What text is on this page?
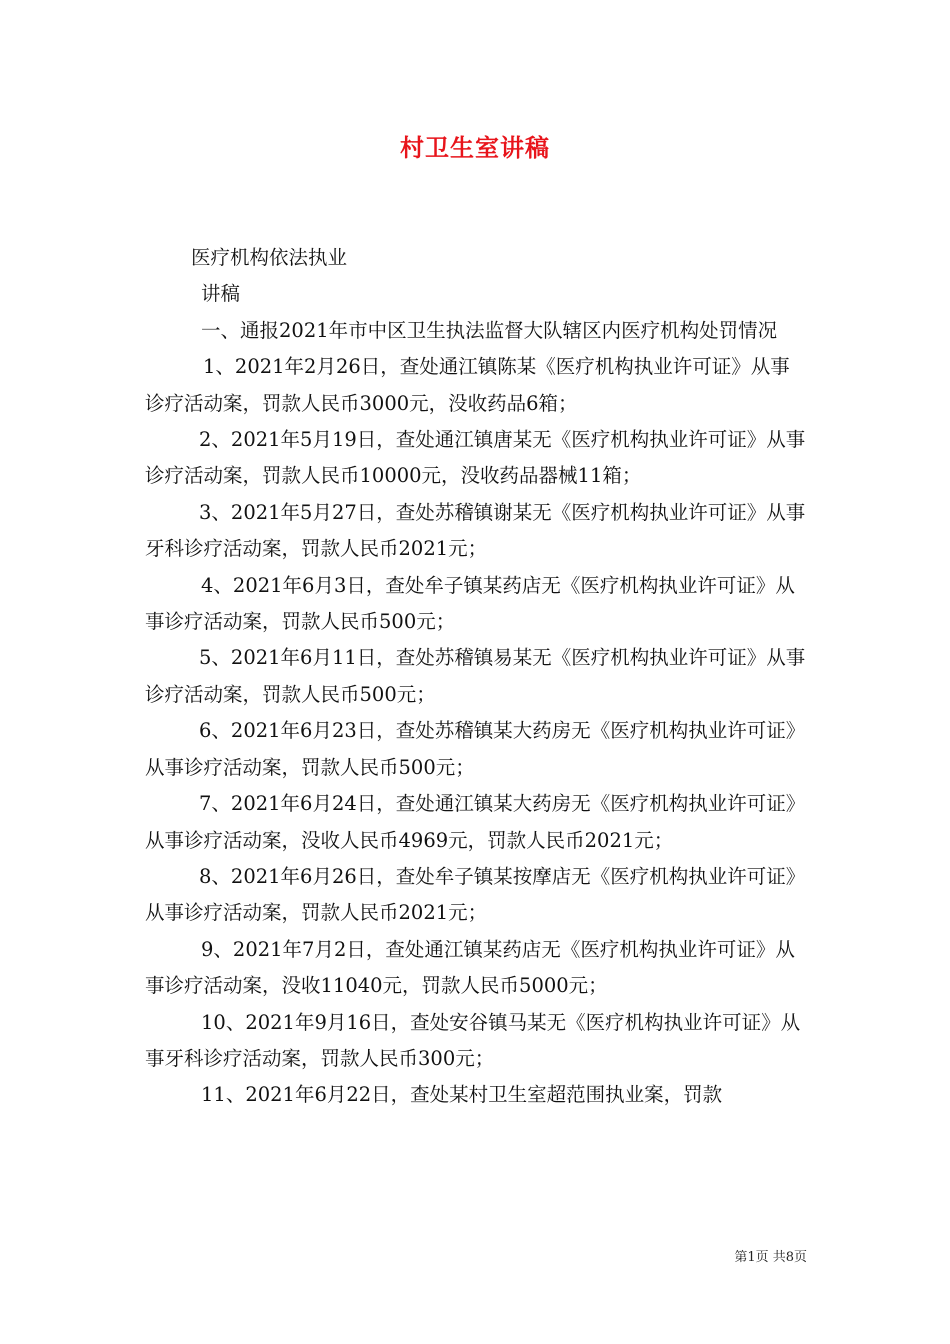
村卫生室讲稿

医疗机构依法执业

讲稿

一、通报2021年市中区卫生执法监督大队辖区内医疗机构处罚情况

1、2021年2月26日，查处通江镇陈某《医疗机构执业许可证》从事诊疗活动案，罚款人民币3000元，没收药品6箱；

2、2021年5月19日，查处通江镇唐某无《医疗机构执业许可证》从事诊疗活动案，罚款人民币10000元，没收药品器械11箱；

3、2021年5月27日，查处苏稽镇谢某无《医疗机构执业许可证》从事牙科诊疗活动案，罚款人民币2021元；

4、2021年6月3日，查处牟子镇某药店无《医疗机构执业许可证》从事诊疗活动案，罚款人民币500元；

5、2021年6月11日，查处苏稽镇易某无《医疗机构执业许可证》从事诊疗活动案，罚款人民币500元；

6、2021年6月23日，查处苏稽镇某大药房无《医疗机构执业许可证》从事诊疗活动案，罚款人民币500元；

7、2021年6月24日，查处通江镇某大药房无《医疗机构执业许可证》从事诊疗活动案，没收人民币4969元，罚款人民币2021元；

8、2021年6月26日，查处牟子镇某按摩店无《医疗机构执业许可证》从事诊疗活动案，罚款人民币2021元；

9、2021年7月2日，查处通江镇某药店无《医疗机构执业许可证》从事诊疗活动案，没收11040元，罚款人民币5000元；

10、2021年9月16日，查处安谷镇马某无《医疗机构执业许可证》从事牙科诊疗活动案，罚款人民币300元；

11、2021年6月22日，查处某村卫生室超范围执业案，罚款

第1页 共8页
